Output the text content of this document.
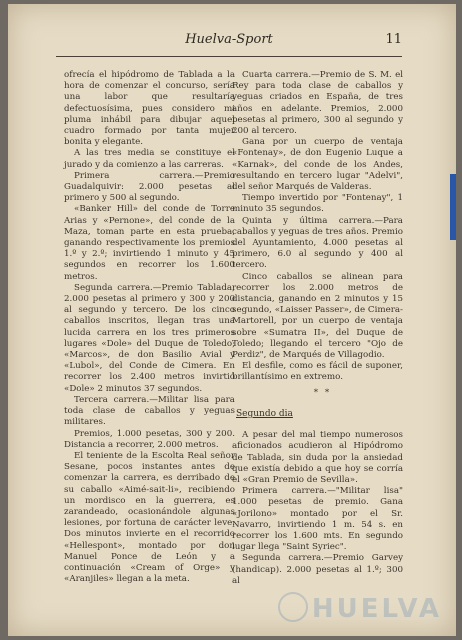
Huelva-Sport	11

ofrecía el hipódromo de Tablada a la hora de comenzar el concurso, sería una labor que resultaría defectuosísima, pues considero mi pluma inhábil para dibujar aquel cuadro formado por tanta mujer bonita y elegante.

A las tres media se constituye el jurado y da comienzo a las carreras.

Primera carrera.—Premio Guadalquivir: 2.000 pesetas al primero y 500 al segundo.

«Banker Hill» del conde de Torre Arias y «Pernone», del conde de la Maza, toman parte en esta prueba, ganando respectivamente los premios 1.º y 2.º; invirtiendo 1 minuto y 45 segundos en recorrer los 1.600 metros.

Segunda carrera.—Premio Tablada; 2.000 pesetas al primero y 300 y 200 al segundo y tercero. De los cinco caballos inscritos, llegan tras una lucida carrera en los tres primeros lugares «Dole» del Duque de Toledo; «Marcos», de don Basilio Avial y «Lubol», del Conde de Cimera. En recorrer los 2.400 metros invirtió «Dole» 2 minutos 37 segundos.

Tercera carrera.—Militar lisa para toda clase de caballos y yeguas militares.

Premios, 1.000 pesetas, 300 y 200. Distancia a recorrer, 2.000 metros.

El teniente de la Escolta Real señor Sesane, pocos instantes antes de comenzar la carrera, es derribado de su caballo «Aimé-sait-li», recibiendo un mordisco en la guerrera, es zarandeado, ocasionándole algunas lesiones, por fortuna de carácter leve. Dos minutos invierte en el recorrido «Hellespont», montado por don Manuel Ponce de León y a continuación «Cream of Orge» y «Aranjiles» llegan a la meta.

Cuarta carrera.—Premio de S. M. el Rey para toda clase de caballos y yeguas criados en España, de tres años en adelante. Premios, 2.000 pesetas al primero, 300 al segundo y 200 al tercero.

Gana por un cuerpo de ventaja «Fontenay», de don Eugenio Luque a «Karnak», del conde de los Andes, resultando en tercero lugar "Adelvi", del señor Marqués de Valderas.

Tiempo invertido por "Fontenay", 1 minuto 35 segundos.

Quinta y última carrera.—Para caballos y yeguas de tres años. Premio del Ayuntamiento, 4.000 pesetas al primero, 6.0 al segundo y 400 al tercero.

Cinco caballos se alinean para recorrer los 2.000 metros de distancia, ganando en 2 minutos y 15 segundo, «Laisser Passer», de Cimera-Martorell, por un cuerpo de ventaja sobre «Sumatra II», del Duque de Toledo; llegando el tercero "Ojo de Perdiz", de Marqués de Villagodio.

El desfile, como es fácil de suponer, brillantísimo en extremo.

* *

Segundo dia

A pesar del mal tiempo numerosos aficionados acudieron al Hipódromo de Tablada, sin duda por la ansiedad que existía debido a que hoy se corría el «Gran Premio de Sevilla».

Primera carrera.—"Militar lisa" 1.000 pesetas de premio. Gana «Jorilono» montado por el Sr. Navarro, invirtiendo 1 m. 54 s. en recorrer los 1.600 mts. En segundo lugar llega "Saint Syriec".

Segunda carrera.—Premio Garvey (handicap). 2.000 pesetas al 1.º; 300 al

HUELVA
